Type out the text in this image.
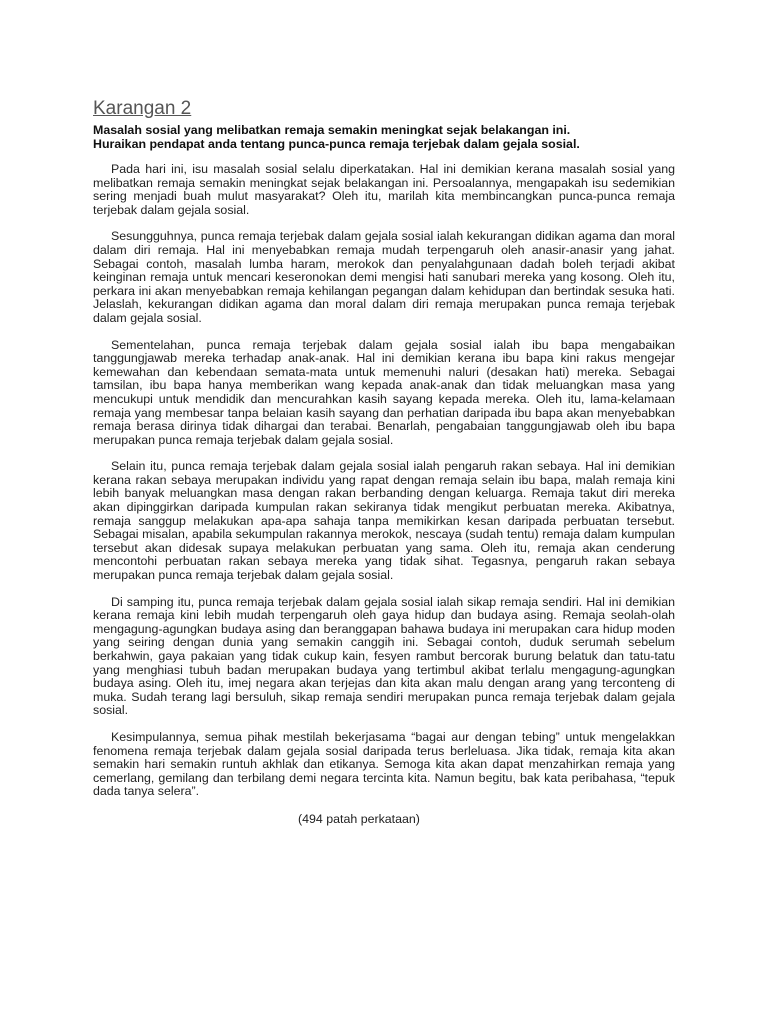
Karangan 2

Masalah sosial yang melibatkan remaja semakin meningkat sejak belakangan ini.

Huraikan pendapat anda tentang punca-punca remaja terjebak dalam gejala sosial.

Pada hari ini, isu masalah sosial selalu diperkatakan. Hal ini demikian kerana masalah sosial yang melibatkan remaja semakin meningkat sejak belakangan ini. Persoalannya, mengapakah isu sedemikian sering menjadi buah mulut masyarakat? Oleh itu, marilah kita membincangkan punca-punca remaja terjebak dalam gejala sosial.

Sesungguhnya, punca remaja terjebak dalam gejala sosial ialah kekurangan didikan agama dan moral dalam diri remaja. Hal ini menyebabkan remaja mudah terpengaruh oleh anasir-anasir yang jahat. Sebagai contoh, masalah lumba haram, merokok dan penyalahgunaan dadah boleh terjadi akibat keinginan remaja untuk mencari keseronokan demi mengisi hati sanubari mereka yang kosong. Oleh itu, perkara ini akan menyebabkan remaja kehilangan pegangan dalam kehidupan dan bertindak sesuka hati. Jelaslah, kekurangan didikan agama dan moral dalam diri remaja merupakan punca remaja terjebak dalam gejala sosial.

Sementelahan, punca remaja terjebak dalam gejala sosial ialah ibu bapa mengabaikan tanggungjawab mereka terhadap anak-anak. Hal ini demikian kerana ibu bapa kini rakus mengejar kemewahan dan kebendaan semata-mata untuk memenuhi naluri (desakan hati) mereka. Sebagai tamsilan, ibu bapa hanya memberikan wang kepada anak-anak dan tidak meluangkan masa yang mencukupi untuk mendidik dan mencurahkan kasih sayang kepada mereka. Oleh itu, lama-kelamaan remaja yang membesar tanpa belaian kasih sayang dan perhatian daripada ibu bapa akan menyebabkan remaja berasa dirinya tidak dihargai dan terabai. Benarlah, pengabaian tanggungjawab oleh ibu bapa merupakan punca remaja terjebak dalam gejala sosial.

Selain itu, punca remaja terjebak dalam gejala sosial ialah pengaruh rakan sebaya. Hal ini demikian kerana rakan sebaya merupakan individu yang rapat dengan remaja selain ibu bapa, malah remaja kini lebih banyak meluangkan masa dengan rakan berbanding dengan keluarga. Remaja takut diri mereka akan dipinggirkan daripada kumpulan rakan sekiranya tidak mengikut perbuatan mereka. Akibatnya, remaja sanggup melakukan apa-apa sahaja tanpa memikirkan kesan daripada perbuatan tersebut. Sebagai misalan, apabila sekumpulan rakannya merokok, nescaya (sudah tentu) remaja dalam kumpulan tersebut akan didesak supaya melakukan perbuatan yang sama. Oleh itu, remaja akan cenderung mencontohi perbuatan rakan sebaya mereka yang tidak sihat. Tegasnya, pengaruh rakan sebaya merupakan punca remaja terjebak dalam gejala sosial.

Di samping itu, punca remaja terjebak dalam gejala sosial ialah sikap remaja sendiri. Hal ini demikian kerana remaja kini lebih mudah terpengaruh oleh gaya hidup dan budaya asing. Remaja seolah-olah mengagung-agungkan budaya asing dan beranggapan bahawa budaya ini merupakan cara hidup moden yang seiring dengan dunia yang semakin canggih ini. Sebagai contoh, duduk serumah sebelum berkahwin, gaya pakaian yang tidak cukup kain, fesyen rambut bercorak burung belatuk dan tatu-tatu yang menghiasi tubuh badan merupakan budaya yang tertimbul akibat terlalu mengagung-agungkan budaya asing. Oleh itu, imej negara akan terjejas dan kita akan malu dengan arang yang terconteng di muka. Sudah terang lagi bersuluh, sikap remaja sendiri merupakan punca remaja terjebak dalam gejala sosial.

Kesimpulannya, semua pihak mestilah bekerjasama “bagai aur dengan tebing” untuk mengelakkan fenomena remaja terjebak dalam gejala sosial daripada terus berleluasa. Jika tidak, remaja kita akan semakin hari semakin runtuh akhlak dan etikanya. Semoga kita akan dapat menzahirkan remaja yang cemerlang, gemilang dan terbilang demi negara tercinta kita. Namun begitu, bak kata peribahasa, “tepuk dada tanya selera”.

(494 patah perkataan)
